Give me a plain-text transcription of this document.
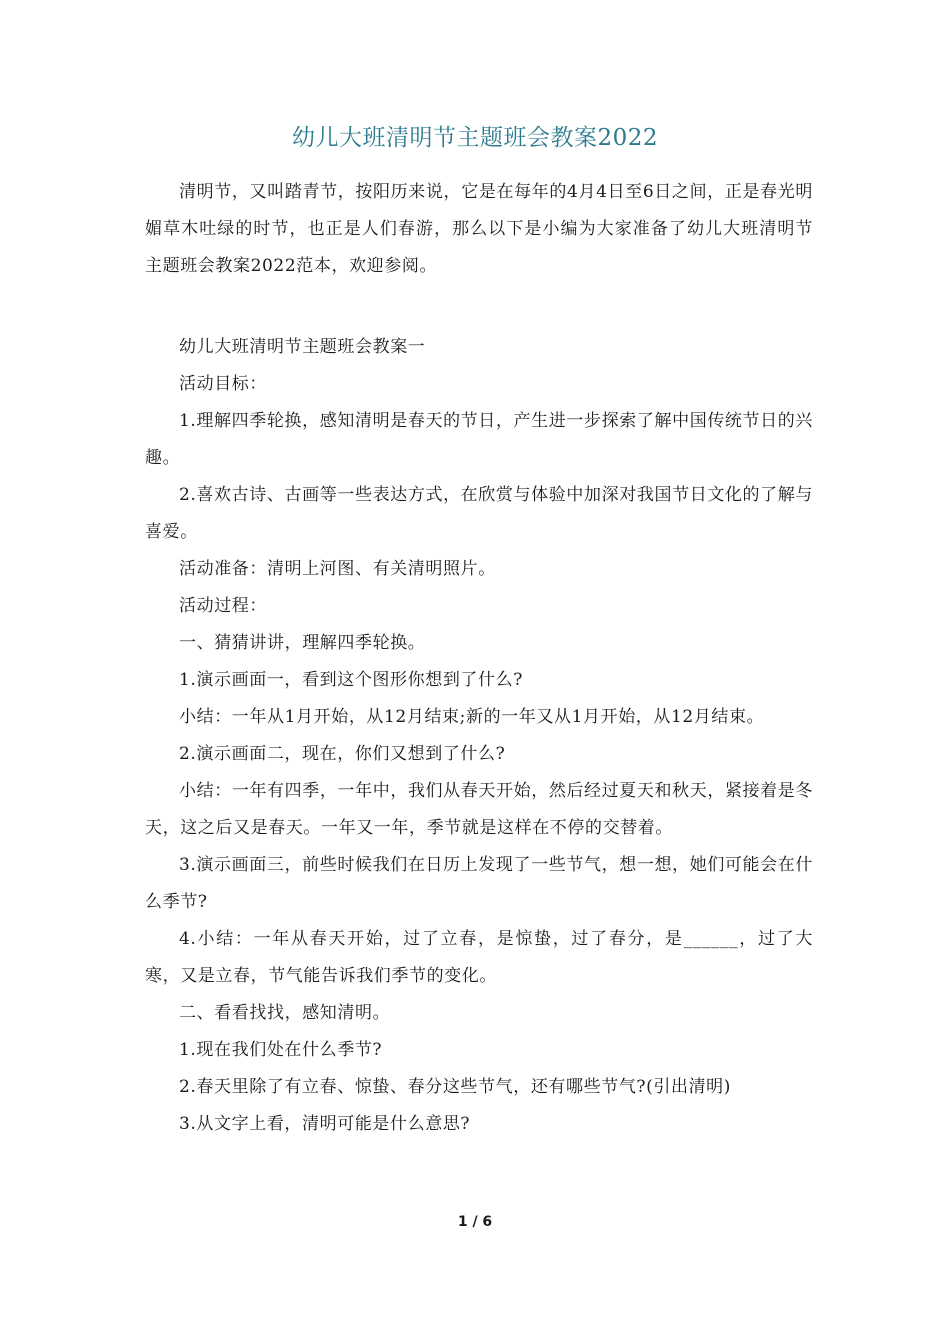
幼儿大班清明节主题班会教案2022

清明节，又叫踏青节，按阳历来说，它是在每年的4月4日至6日之间，正是春光明媚草木吐绿的时节，也正是人们春游，那么以下是小编为大家准备了幼儿大班清明节主题班会教案2022范本，欢迎参阅。

幼儿大班清明节主题班会教案一

活动目标：

1.理解四季轮换，感知清明是春天的节日，产生进一步探索了解中国传统节日的兴趣。

2.喜欢古诗、古画等一些表达方式，在欣赏与体验中加深对我国节日文化的了解与喜爱。

活动准备：清明上河图、有关清明照片。

活动过程：

一、猜猜讲讲，理解四季轮换。

1.演示画面一，看到这个图形你想到了什么?

小结：一年从1月开始，从12月结束;新的一年又从1月开始，从12月结束。

2.演示画面二，现在，你们又想到了什么?

小结：一年有四季，一年中，我们从春天开始，然后经过夏天和秋天，紧接着是冬天，这之后又是春天。一年又一年，季节就是这样在不停的交替着。

3.演示画面三，前些时候我们在日历上发现了一些节气，想一想，她们可能会在什么季节?

4.小结：一年从春天开始，过了立春，是惊蛰，过了春分，是______，过了大寒，又是立春，节气能告诉我们季节的变化。

二、看看找找，感知清明。

1.现在我们处在什么季节?

2.春天里除了有立春、惊蛰、春分这些节气，还有哪些节气?(引出清明)

3.从文字上看，清明可能是什么意思?

1 / 6
